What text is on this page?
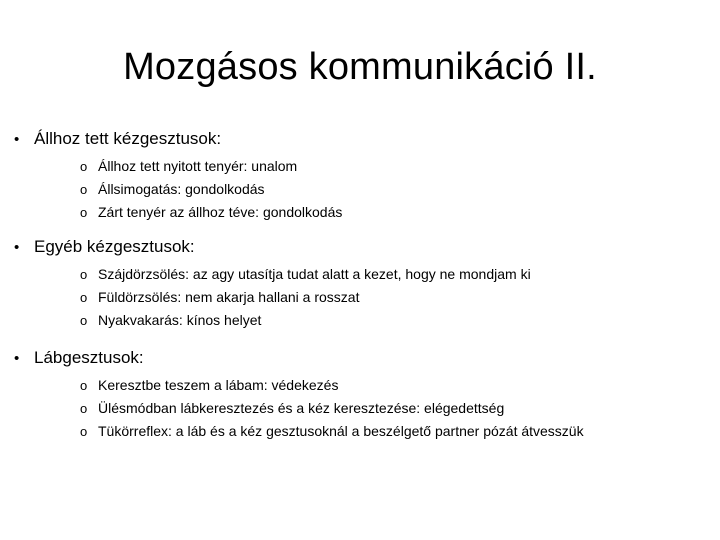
Mozgásos kommunikáció II.
• Állhoz tett kézgesztusok:
o Állhoz tett nyitott tenyér: unalom
o Állsimogatás: gondolkodás
o Zárt tenyér az állhoz téve: gondolkodás
• Egyéb kézgesztusok:
o Szájdörzsölés: az agy utasítja tudat alatt a kezet, hogy ne mondjam ki
o Füldörzsölés: nem akarja hallani a rosszat
o Nyakvakarás: kínos helyet
• Lábgesztusok:
o Keresztbe teszem a lábam: védekezés
o Ülésmódban lábkeresztezés és a kéz keresztezése: elégedettség
o Tükörreflex: a láb és a kéz gesztusoknál a beszélgető partner pózát átvesszük
